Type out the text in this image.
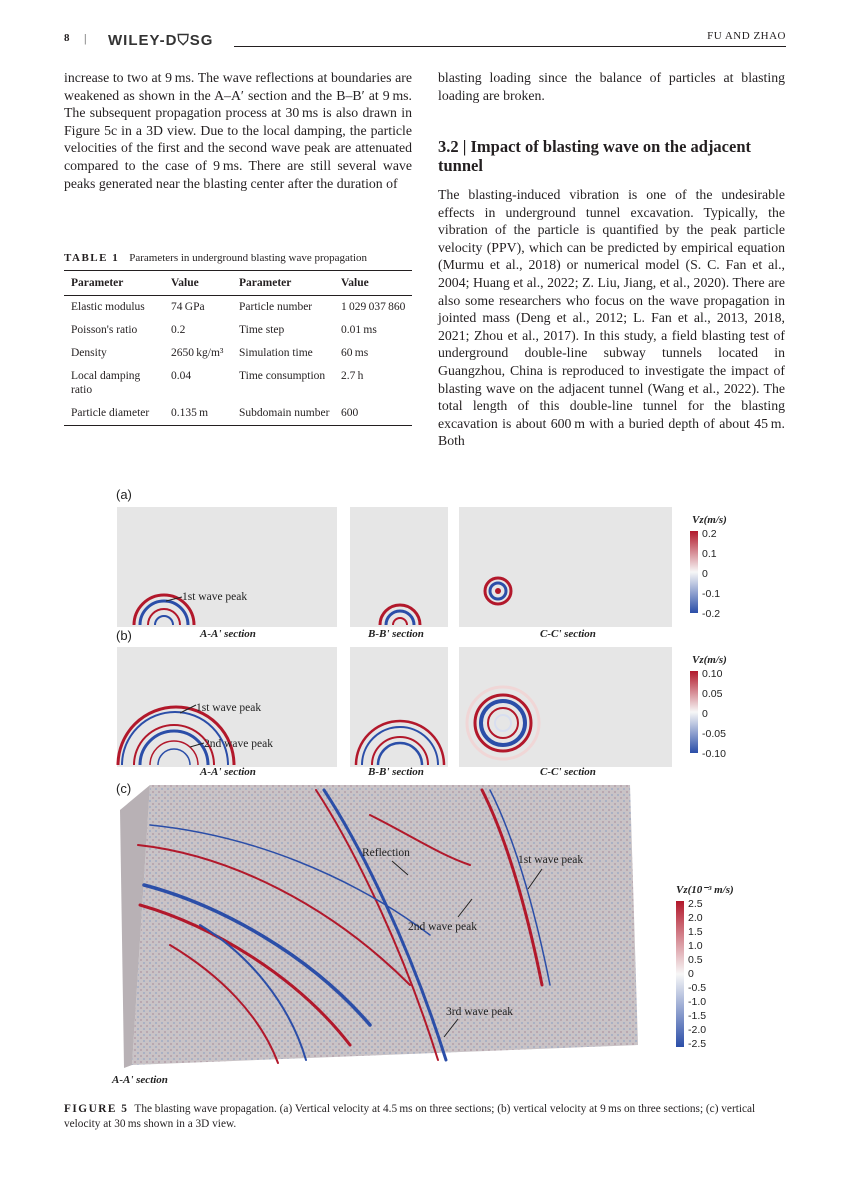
8 | WILEY-D⛉SG	FU AND ZHAO
increase to two at 9 ms. The wave reflections at boundaries are weakened as shown in the A–A′ section and the B–B′ at 9 ms. The subsequent propagation process at 30 ms is also drawn in Figure 5c in a 3D view. Due to the local damping, the particle velocities of the first and the second wave peak are attenuated compared to the case of 9 ms. There are still several wave peaks generated near the blasting center after the duration of
blasting loading since the balance of particles at blasting loading are broken.
3.2 | Impact of blasting wave on the adjacent tunnel
The blasting-induced vibration is one of the undesirable effects in underground tunnel excavation. Typically, the vibration of the particle is quantified by the peak particle velocity (PPV), which can be predicted by empirical equation (Murmu et al., 2018) or numerical model (S. C. Fan et al., 2004; Huang et al., 2022; Z. Liu, Jiang, et al., 2020). There are also some researchers who focus on the wave propagation in jointed mass (Deng et al., 2012; L. Fan et al., 2013, 2018, 2021; Zhou et al., 2017). In this study, a field blasting test of underground double-line subway tunnels located in Guangzhou, China is reproduced to investigate the impact of blasting wave on the adjacent tunnel (Wang et al., 2022). The total length of this double-line tunnel for the blasting excavation is about 600 m with a buried depth of about 45 m. Both
TABLE 1 Parameters in underground blasting wave propagation
Parameter	Value	Parameter	Value
Elastic modulus	74 GPa	Particle number	1 029 037 860
Poisson's ratio	0.2	Time step	0.01 ms
Density	2650 kg/m³	Simulation time	60 ms
Local damping ratio	0.04	Time consumption	2.7 h
Particle diameter	0.135 m	Subdomain number	600
(a)
1st wave peak
A-A' section	B-B' section	C-C' section
Vz(m/s)
0.2
0.1
0
-0.1
-0.2
(b)
1st wave peak
2nd wave peak
A-A' section	B-B' section	C-C' section
Vz(m/s)
0.10
0.05
0
-0.05
-0.10
(c)
Reflection
1st wave peak
2nd wave peak
3rd wave peak
A-A' section
Vz(10⁻³ m/s)
2.5
2.0
1.5
1.0
0.5
0
-0.5
-1.0
-1.5
-2.0
-2.5
FIGURE 5 The blasting wave propagation. (a) Vertical velocity at 4.5 ms on three sections; (b) vertical velocity at 9 ms on three sections; (c) vertical velocity at 30 ms shown in a 3D view.
